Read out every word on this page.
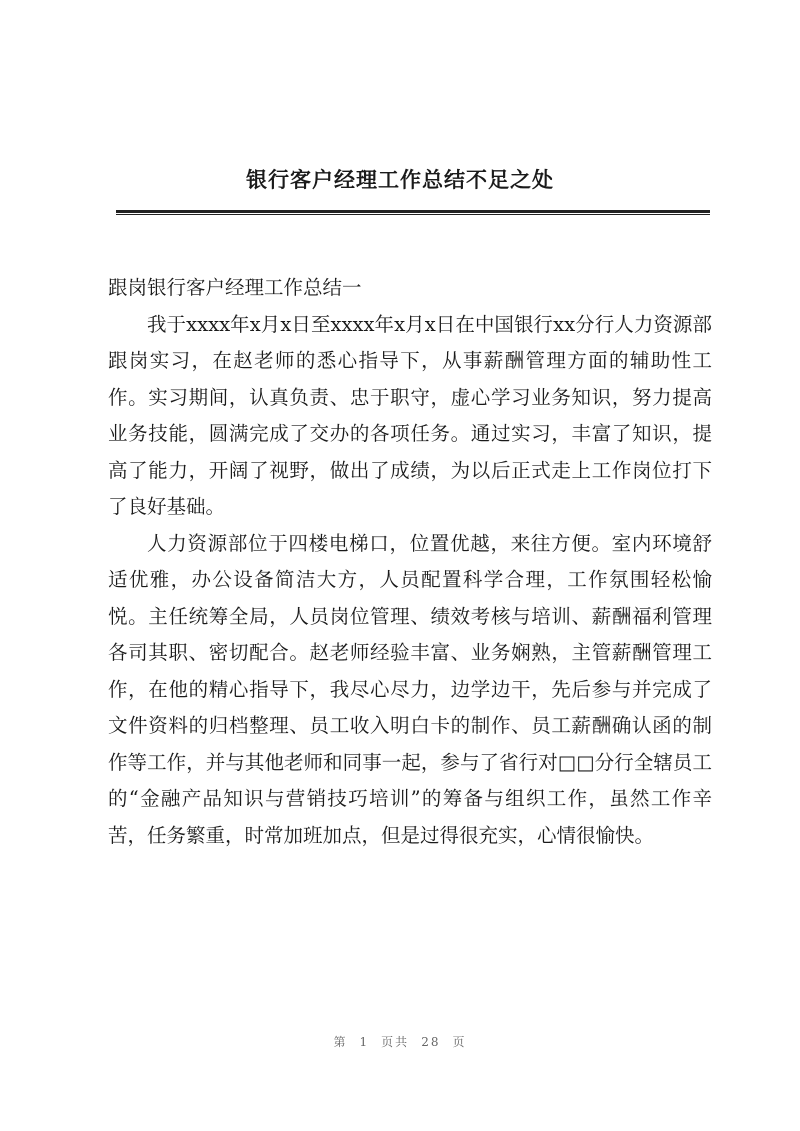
银行客户经理工作总结不足之处

跟岗银行客户经理工作总结一

我于xxxx年x月x日至xxxx年x月x日在中国银行xx分行人力资源部跟岗实习，在赵老师的悉心指导下，从事薪酬管理方面的辅助性工作。实习期间，认真负责、忠于职守，虚心学习业务知识，努力提高业务技能，圆满完成了交办的各项任务。通过实习，丰富了知识，提高了能力，开阔了视野，做出了成绩，为以后正式走上工作岗位打下了良好基础。

人力资源部位于四楼电梯口，位置优越，来往方便。室内环境舒适优雅，办公设备简洁大方，人员配置科学合理，工作氛围轻松愉悦。主任统筹全局，人员岗位管理、绩效考核与培训、薪酬福利管理各司其职、密切配合。赵老师经验丰富、业务娴熟，主管薪酬管理工作，在他的精心指导下，我尽心尽力，边学边干，先后参与并完成了文件资料的归档整理、员工收入明白卡的制作、员工薪酬确认函的制作等工作，并与其他老师和同事一起，参与了省行对□□分行全辖员工的“金融产品知识与营销技巧培训”的筹备与组织工作，虽然工作辛苦，任务繁重，时常加班加点，但是过得很充实，心情很愉快。

第 1 页共 28 页
